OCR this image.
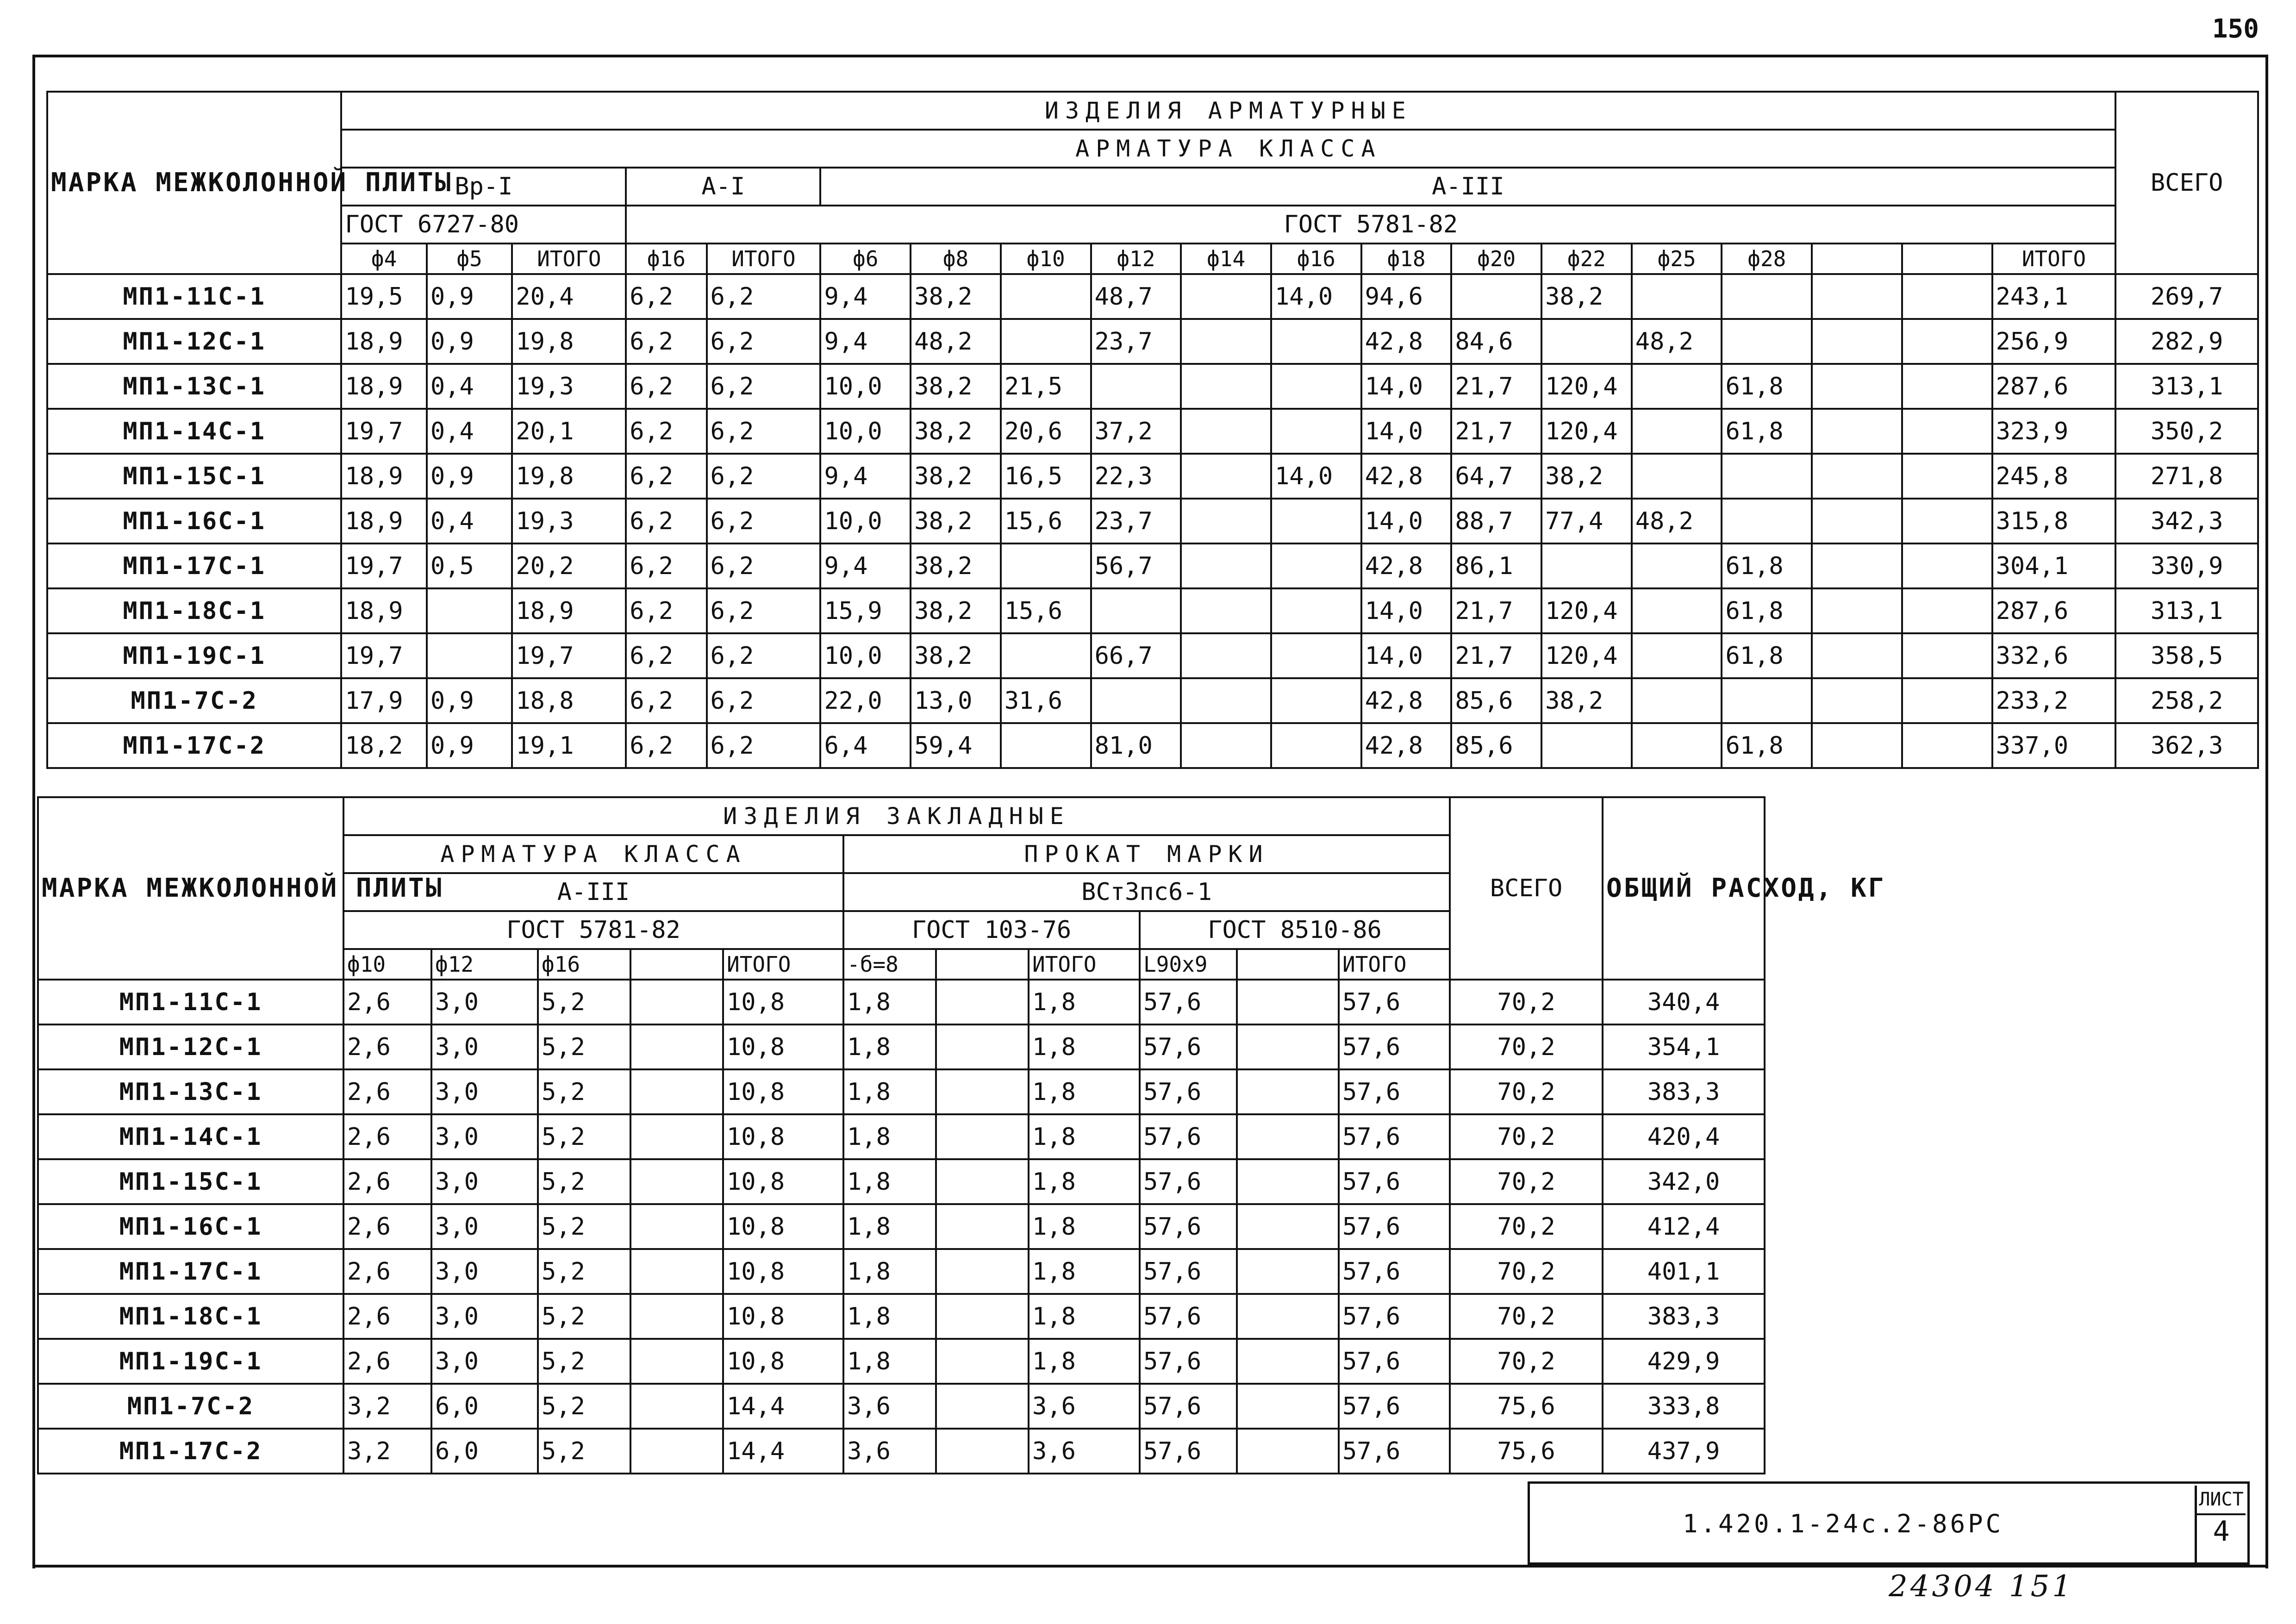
150
МАРКА МЕЖКОЛОННОЙ ПЛИТЫ	ИЗДЕЛИЯ АРМАТУРНЫЕ																			ВСЕГО
	АРМАТУРА КЛАССА																			
	Вр-I			А-I		А-III														
	ГОСТ 6727-80			ГОСТ 5781-82																
	ф4	ф5	ИТОГО	ф16	ИТОГО	ф6	ф8	ф10	ф12	ф14	ф16	ф18	ф20	ф22	ф25	ф28			ИТОГО	
МП1-11С-1	19,5	0,9	20,4	6,2	6,2	9,4	38,2		48,7		14,0	94,6		38,2					243,1	269,7
МП1-12С-1	18,9	0,9	19,8	6,2	6,2	9,4	48,2		23,7			42,8	84,6		48,2				256,9	282,9
МП1-13С-1	18,9	0,4	19,3	6,2	6,2	10,0	38,2	21,5				14,0	21,7	120,4		61,8			287,6	313,1
МП1-14С-1	19,7	0,4	20,1	6,2	6,2	10,0	38,2	20,6	37,2			14,0	21,7	120,4		61,8			323,9	350,2
МП1-15С-1	18,9	0,9	19,8	6,2	6,2	9,4	38,2	16,5	22,3		14,0	42,8	64,7	38,2					245,8	271,8
МП1-16С-1	18,9	0,4	19,3	6,2	6,2	10,0	38,2	15,6	23,7			14,0	88,7	77,4	48,2				315,8	342,3
МП1-17С-1	19,7	0,5	20,2	6,2	6,2	9,4	38,2		56,7			42,8	86,1			61,8			304,1	330,9
МП1-18С-1	18,9		18,9	6,2	6,2	15,9	38,2	15,6				14,0	21,7	120,4		61,8			287,6	313,1
МП1-19С-1	19,7		19,7	6,2	6,2	10,0	38,2		66,7			14,0	21,7	120,4		61,8			332,6	358,5
МП1-7С-2	17,9	0,9	18,8	6,2	6,2	22,0	13,0	31,6				42,8	85,6	38,2					233,2	258,2
МП1-17С-2	18,2	0,9	19,1	6,2	6,2	6,4	59,4		81,0			42,8	85,6			61,8			337,0	362,3
МАРКА МЕЖКОЛОННОЙ ПЛИТЫ	ИЗДЕЛИЯ ЗАКЛАДНЫЕ											ВСЕГО	ОБЩИЙ РАСХОД, КГ
	АРМАТУРА КЛАССА					ПРОКАТ МАРКИ							
	А-III					ВСт3пс6-1							
	ГОСТ 5781-82					ГОСТ 103-76			ГОСТ 8510-86				
	ф10	ф12	ф16		ИТОГО	-б=8		ИТОГО	L90x9		ИТОГО		
МП1-11С-1	2,6	3,0	5,2		10,8	1,8		1,8	57,6		57,6	70,2	340,4
МП1-12С-1	2,6	3,0	5,2		10,8	1,8		1,8	57,6		57,6	70,2	354,1
МП1-13С-1	2,6	3,0	5,2		10,8	1,8		1,8	57,6		57,6	70,2	383,3
МП1-14С-1	2,6	3,0	5,2		10,8	1,8		1,8	57,6		57,6	70,2	420,4
МП1-15С-1	2,6	3,0	5,2		10,8	1,8		1,8	57,6		57,6	70,2	342,0
МП1-16С-1	2,6	3,0	5,2		10,8	1,8		1,8	57,6		57,6	70,2	412,4
МП1-17С-1	2,6	3,0	5,2		10,8	1,8		1,8	57,6		57,6	70,2	401,1
МП1-18С-1	2,6	3,0	5,2		10,8	1,8		1,8	57,6		57,6	70,2	383,3
МП1-19С-1	2,6	3,0	5,2		10,8	1,8		1,8	57,6		57,6	70,2	429,9
МП1-7С-2	3,2	6,0	5,2		14,4	3,6		3,6	57,6		57,6	75,6	333,8
МП1-17С-2	3,2	6,0	5,2		14,4	3,6		3,6	57,6		57,6	75,6	437,9
1.420.1-24с.2-86РС
ЛИСТ
4
24304 151
